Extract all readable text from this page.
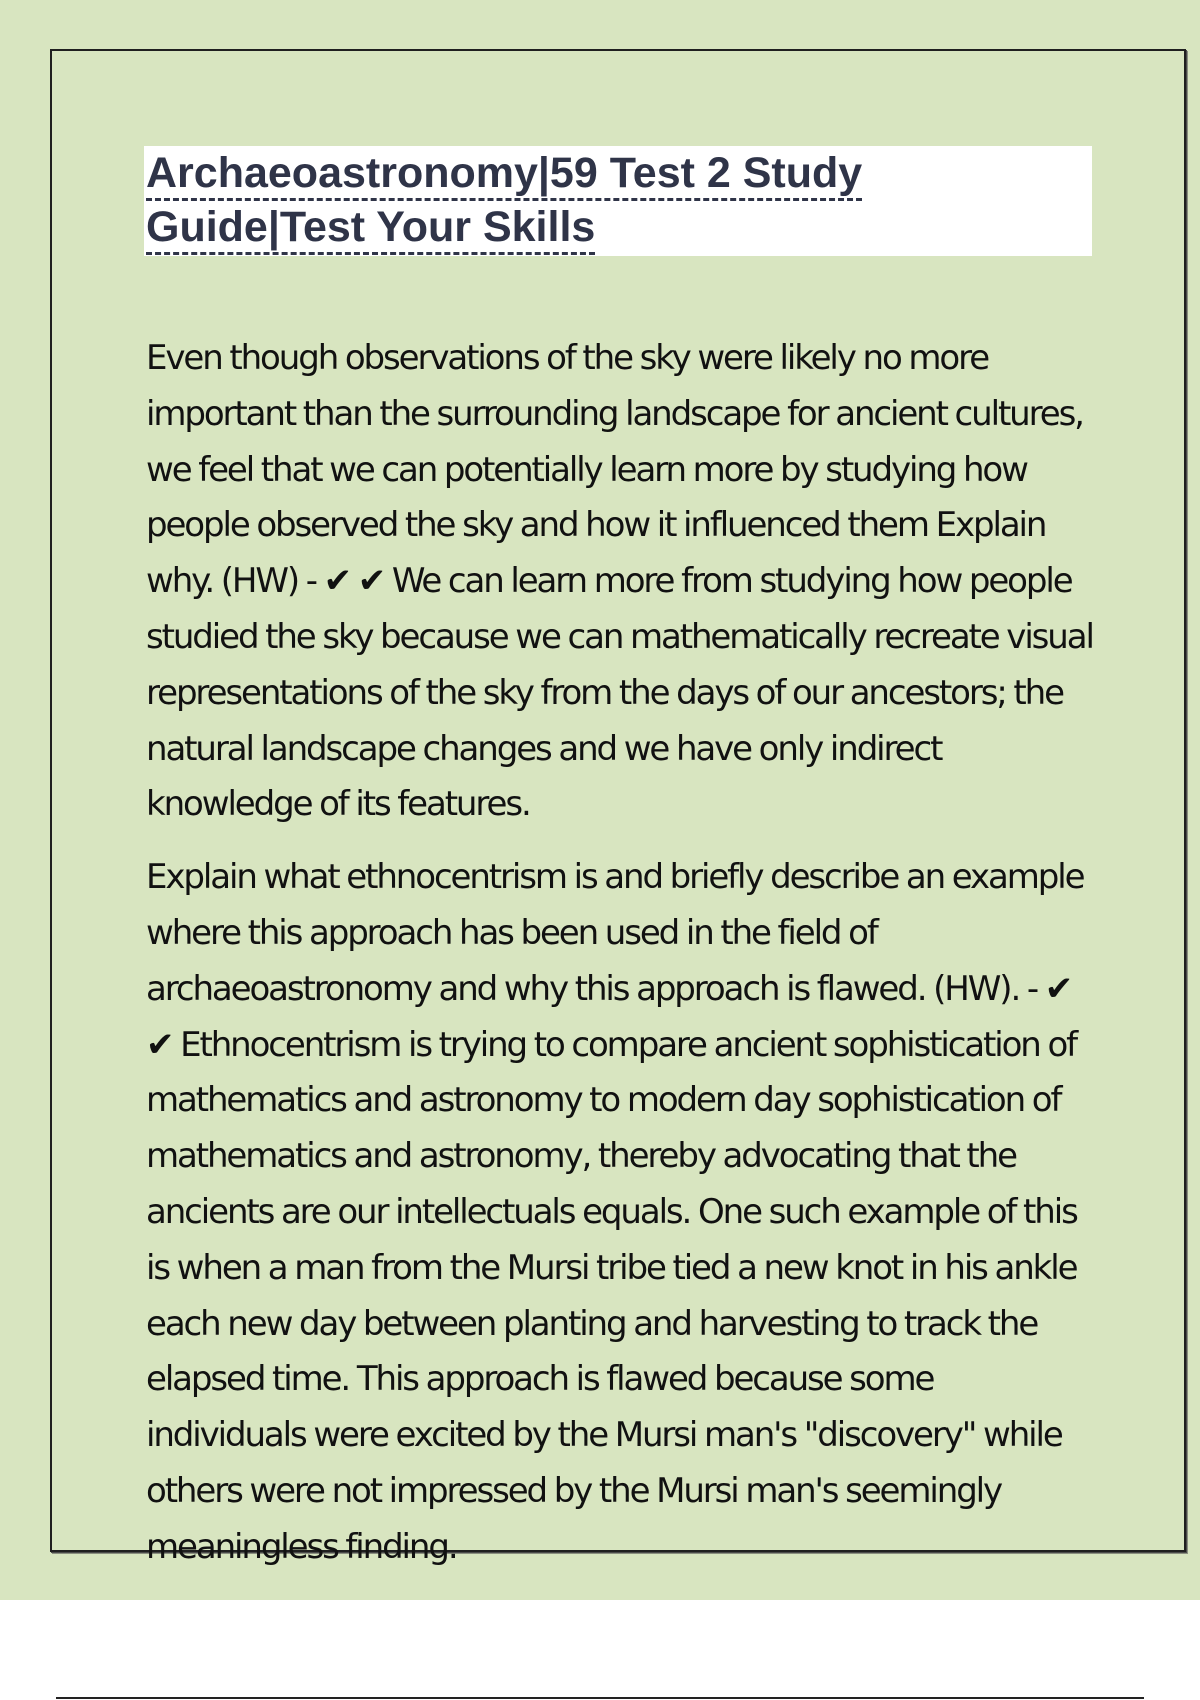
Archaeoastronomy|59 Test 2 Study Guide|Test Your Skills

Even though observations of the sky were likely no more important than the surrounding landscape for ancient cultures, we feel that we can potentially learn more by studying how people observed the sky and how it influenced them Explain why. (HW) - ✔ ✔ We can learn more from studying how people studied the sky because we can mathematically recreate visual representations of the sky from the days of our ancestors; the natural landscape changes and we have only indirect knowledge of its features.

Explain what ethnocentrism is and briefly describe an example where this approach has been used in the field of archaeoastronomy and why this approach is flawed. (HW). - ✔ ✔ Ethnocentrism is trying to compare ancient sophistication of mathematics and astronomy to modern day sophistication of mathematics and astronomy, thereby advocating that the ancients are our intellectuals equals. One such example of this is when a man from the Mursi tribe tied a new knot in his ankle each new day between planting and harvesting to track the elapsed time. This approach is flawed because some individuals were excited by the Mursi man's "discovery" while others were not impressed by the Mursi man's seemingly meaningless finding.
